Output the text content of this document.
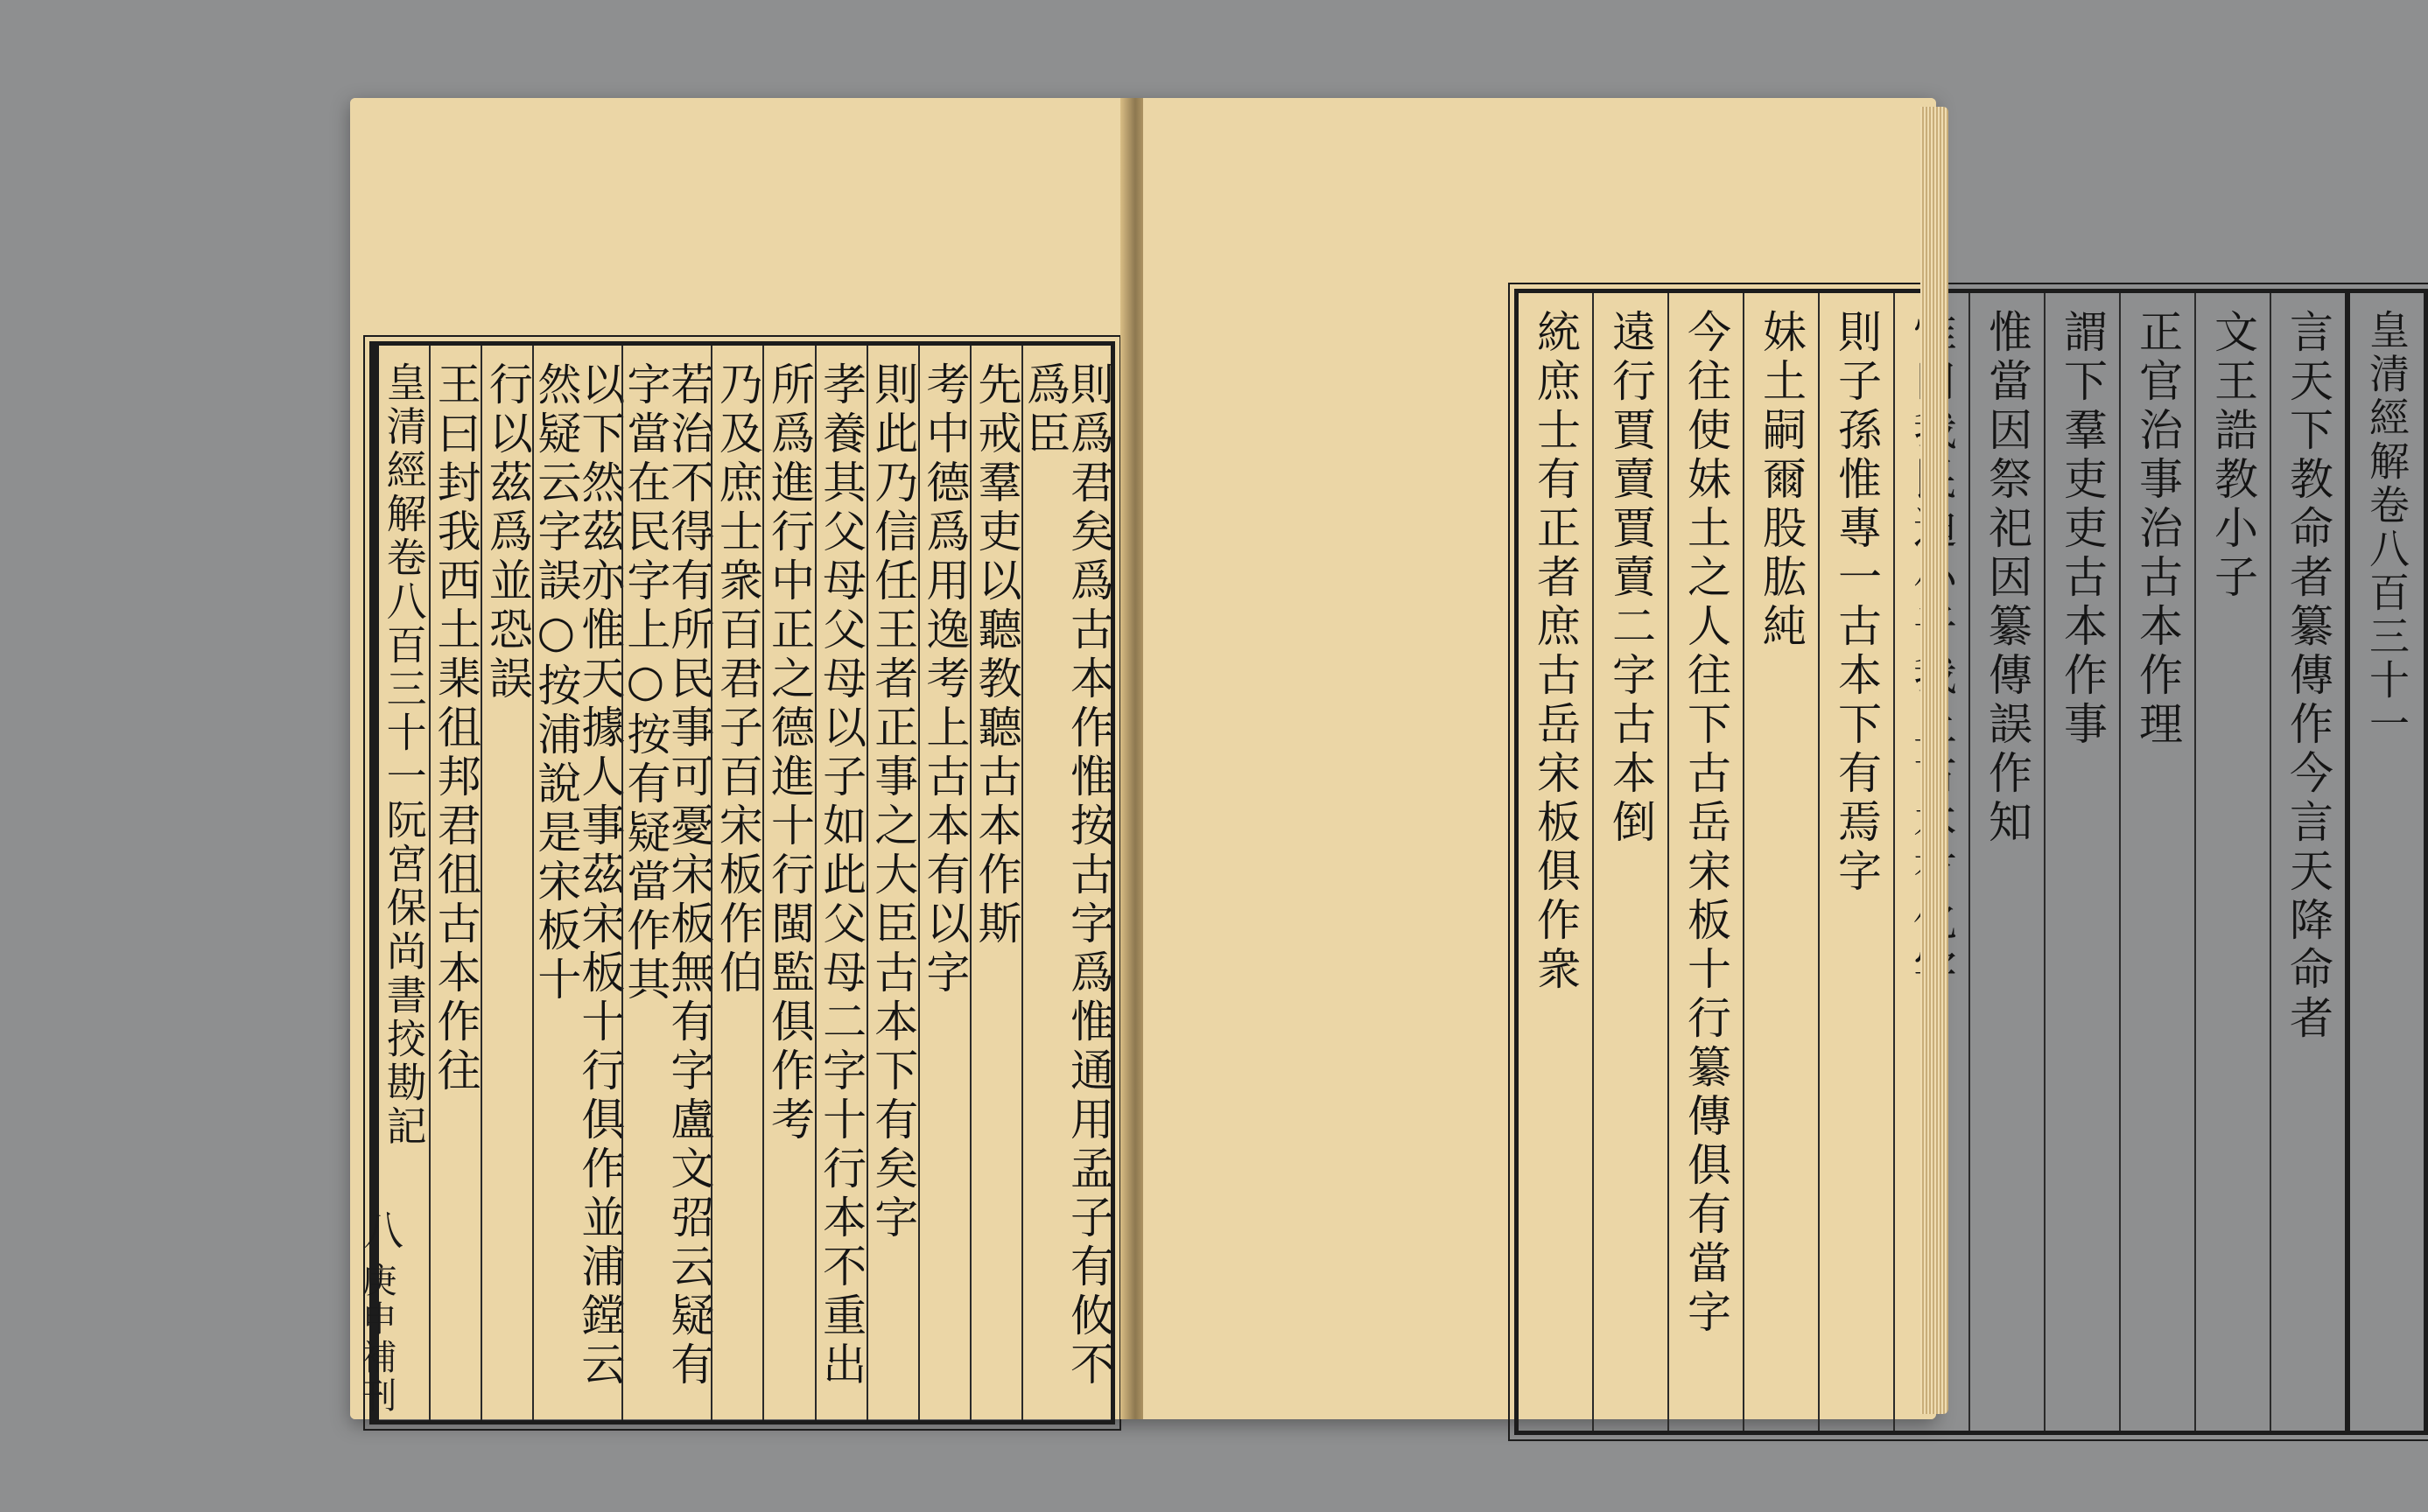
則爲君矣爲古本作惟按古字爲惟通用孟子有攸不爲臣
先戒羣吏以聽教聽古本作斯
考中德爲用逸考上古本有以字
則此乃信任王者正事之大臣古本下有矣字
孝養其父母父母以子如此父母二字十行本不重出
所爲進行中正之德進十行閩監俱作考
乃及庶士衆百君子百宋板作伯
若治不得有所民事可憂宋板無有字盧文弨云疑有字當在民字上○按有疑當作其
以下然茲亦惟天據人事茲宋板十行俱作並浦鏜云然疑云字誤○按浦說是宋板十
行以茲爲並恐誤
王曰封我西土棐徂邦君徂古本作往
皇清經解卷八百三十一阮宮保尚書挍勘記
八
庚申補刊
皇清經解卷八百三十一
言天下教命者纂傳作今言天降命者
文王誥教小子
正官治事治古本作理
謂下羣吏吏古本作事
惟當因祭祀因纂傳誤作知
則子孫惟專一古本下有焉字
妹土嗣爾股肱純
今往使妹土之人往下古岳宋板十行纂傳俱有當字
遠行賈賣賈賣二字古本倒
統庶士有正者庶古岳宋板俱作衆
